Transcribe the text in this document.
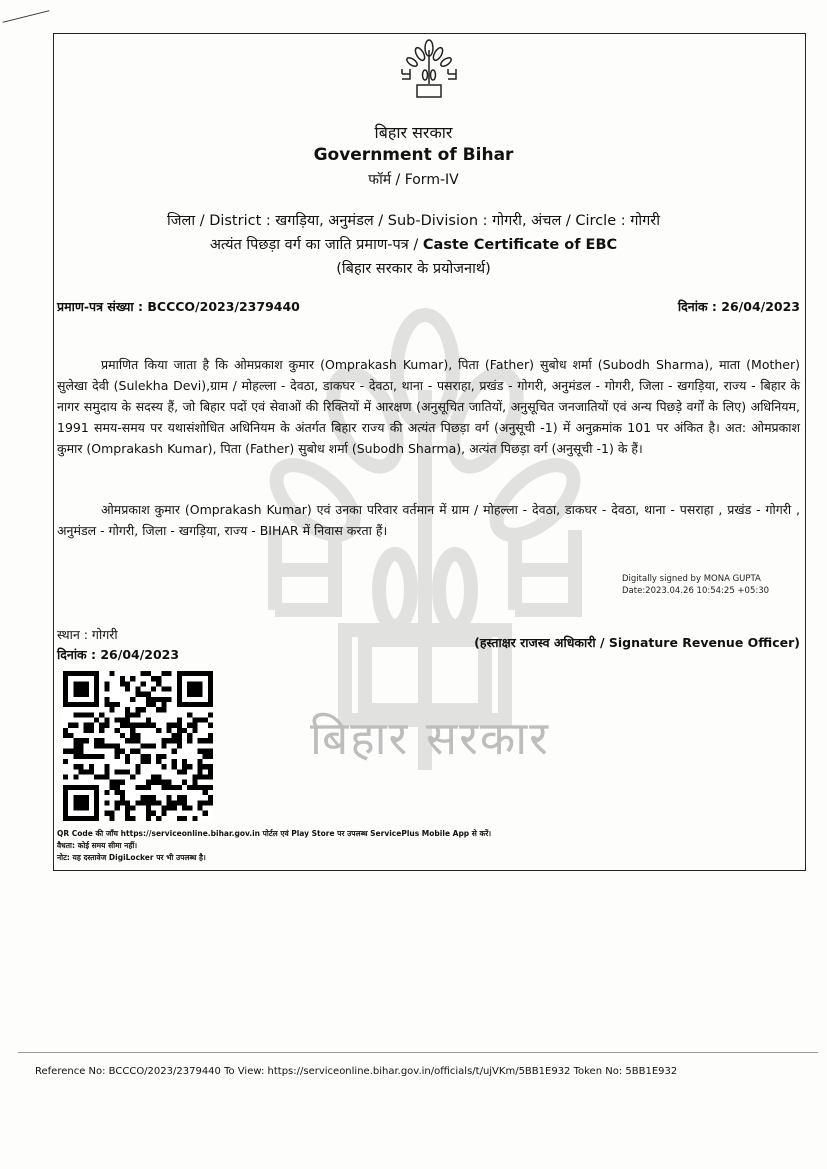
बिहार सरकार
बिहार सरकार
Government of Bihar
फॉर्म / Form-IV
जिला / District : खगड़िया, अनुमंडल / Sub-Division : गोगरी, अंचल / Circle : गोगरी
अत्यंत पिछड़ा वर्ग का जाति प्रमाण-पत्र / Caste Certificate of EBC
(बिहार सरकार के प्रयोजनार्थ)
प्रमाण-पत्र संख्या : BCCCO/2023/2379440	दिनांक : 26/04/2023
प्रमाणित किया जाता है कि ओमप्रकाश कुमार (Omprakash Kumar), पिता (Father) सुबोध शर्मा (Subodh Sharma), माता (Mother) सुलेखा देवी (Sulekha Devi),ग्राम / मोहल्ला - देवठा, डाकघर - देवठा, थाना - पसराहा, प्रखंड - गोगरी, अनुमंडल - गोगरी, जिला - खगड़िया, राज्य - बिहार के नागर समुदाय के सदस्य हैं, जो बिहार पदों एवं सेवाओं की रिक्तियों में आरक्षण (अनुसूचित जातियों, अनुसूचित जनजातियों एवं अन्य पिछड़े वर्गों के लिए) अधिनियम, 1991 समय-समय पर यथासंशोधित अधिनियम के अंतर्गत बिहार राज्य की अत्यंत पिछड़ा वर्ग (अनुसूची -1) में अनुक्रमांक 101 पर अंकित है। अत: ओमप्रकाश कुमार (Omprakash Kumar), पिता (Father) सुबोध शर्मा (Subodh Sharma), अत्यंत पिछड़ा वर्ग (अनुसूची -1) के हैं।
ओमप्रकाश कुमार (Omprakash Kumar) एवं उनका परिवार वर्तमान में ग्राम / मोहल्ला - देवठा, डाकघर - देवठा, थाना - पसराहा , प्रखंड - गोगरी , अनुमंडल - गोगरी, जिला - खगड़िया, राज्य - BIHAR में निवास करता हैं।
Digitally signed by MONA GUPTA
Date:2023.04.26 10:54:25 +05:30
स्थान : गोगरी
दिनांक : 26/04/2023
(हस्ताक्षर राजस्व अधिकारी / Signature Revenue Officer)
QR Code की जाँच https://serviceonline.bihar.gov.in पोर्टल एवं Play Store पर उपलब्ध ServicePlus Mobile App से करें।
वैधता: कोई समय सीमा नहीं।
नोट: यह दस्तावेज DigiLocker पर भी उपलब्ध है।
Reference No: BCCCO/2023/2379440 To View: https://serviceonline.bihar.gov.in/officials/t/ujVKm/5BB1E932 Token No: 5BB1E932
